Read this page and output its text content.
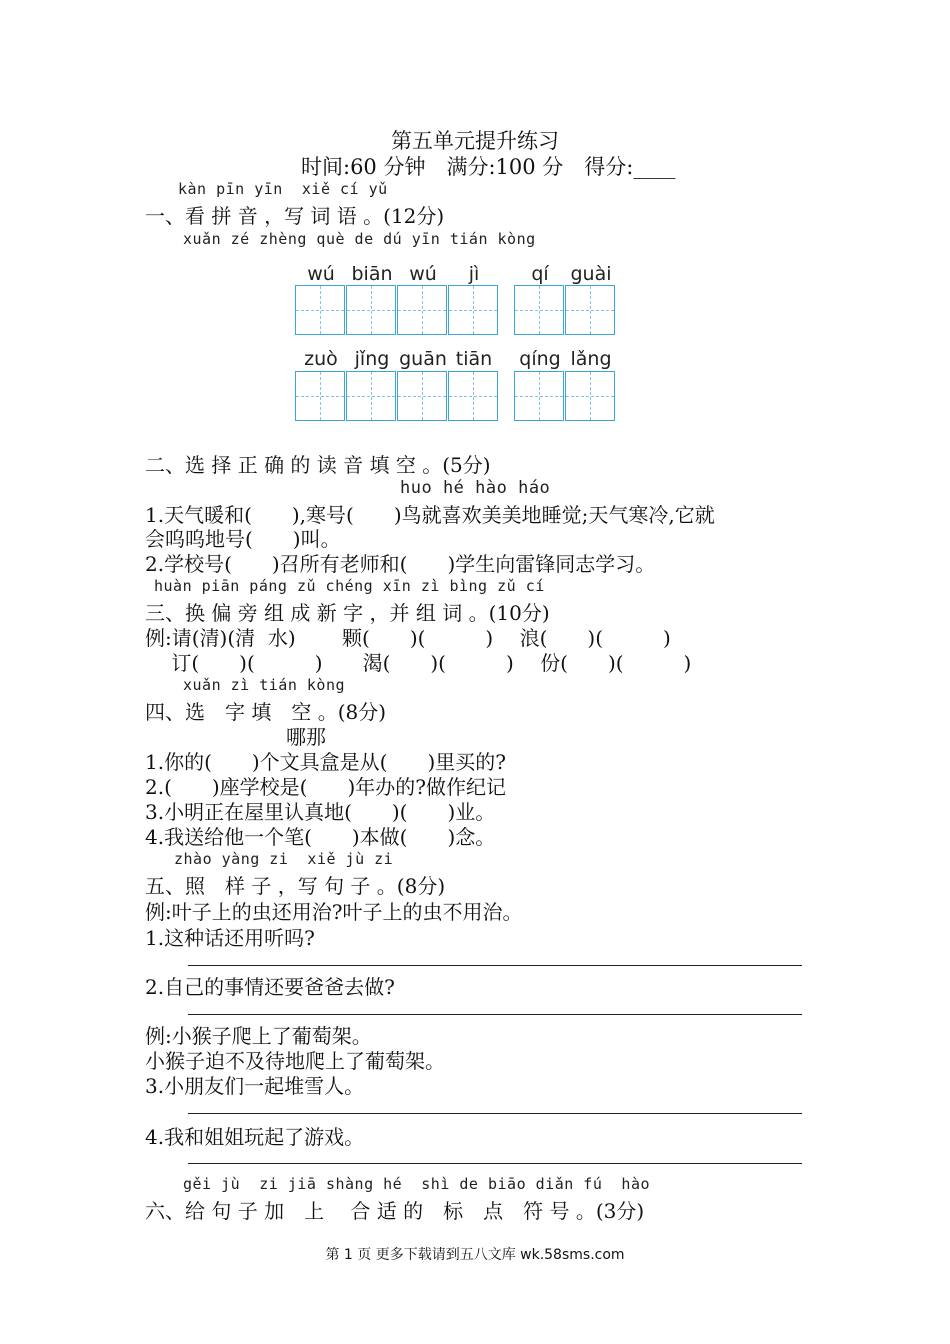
第五单元提升练习
时间:60 分钟　满分:100 分　得分:____
kàn pīn yīn  xiě cí yǔ
一、看 拼 音 ，写 词 语 。(12分)
xuǎn zé zhèng què de dú yīn tián kòng
wú biān wú	jì	qí	guài
zuò jǐng guān tiān	qíng lǎng
二、选 择 正 确 的 读 音 填 空 。(5分)
huo hé hào háo
1.天气暖和(　　),寒号(　　)鸟就喜欢美美地睡觉;天气寒冷,它就
会呜呜地号(　　)叫。
2.学校号(　　)召所有老师和(　　)学生向雷锋同志学习。
huàn piān páng zǔ chéng xīn zì bìng zǔ cí
三、换 偏 旁 组 成 新 字 ，并 组 词 。(10分)
例:请(清)(清  水)　　 颗(　　)(　　　) 　浪(　　)(　　　)
　 订(　　)(　　　)　　渴(　　)(　　　)　 份(　　)(　　　)
xuǎn zì tián kòng
四、选　字 填　空 。(8分)
哪那
1.你的(　　)个文具盒是从(　　)里买的?
2.(　　)座学校是(　　)年办的?做作纪记
3.小明正在屋里认真地(　　)(　　)业。
4.我送给他一个笔(　　)本做(　　)念。
zhào yàng zi  xiě jù zi
五、照　样 子 ，写 句 子 。(8分)
例:叶子上的虫还用治?叶子上的虫不用治。
1.这种话还用听吗?
2.自己的事情还要爸爸去做?
例:小猴子爬上了葡萄架。
小猴子迫不及待地爬上了葡萄架。
3.小朋友们一起堆雪人。
4.我和姐姐玩起了游戏。
gěi jù  zi jiā shàng hé  shì de biāo diǎn fú  hào
六、给 句 子 加　上　 合 适 的　标　点　符 号 。(3分)
第 1 页 更多下载请到五八文库 wk.58sms.com
